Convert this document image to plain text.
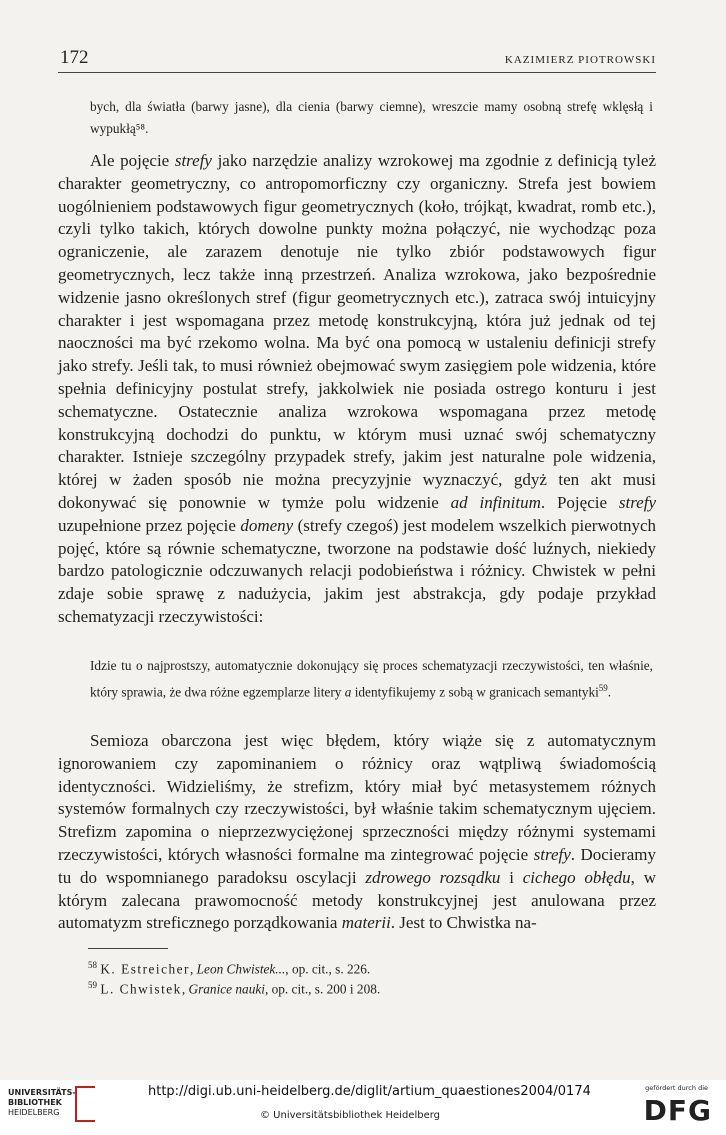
172	KAZIMIERZ PIOTROWSKI

bych, dla światła (barwy jasne), dla cienia (barwy ciemne), wreszcie mamy osobną strefę wklęsłą i wypukłą⁵⁸.

Ale pojęcie strefy jako narzędzie analizy wzrokowej ma zgodnie z definicją tyleż charakter geometryczny, co antropomorficzny czy organiczny. Strefa jest bowiem uogólnieniem podstawowych figur geometrycznych (koło, trójkąt, kwadrat, romb etc.), czyli tylko takich, których dowolne punkty można połączyć, nie wychodząc poza ograniczenie, ale zarazem denotuje nie tylko zbiór podstawowych figur geometrycznych, lecz także inną przestrzeń. Analiza wzrokowa, jako bezpośrednie widzenie jasno określonych stref (figur geometrycznych etc.), zatraca swój intuicyjny charakter i jest wspomagana przez metodę konstrukcyjną, która już jednak od tej naoczności ma być rzekomo wolna. Ma być ona pomocą w ustaleniu definicji strefy jako strefy. Jeśli tak, to musi również obejmować swym zasięgiem pole widzenia, które spełnia definicyjny postulat strefy, jakkolwiek nie posiada ostrego konturu i jest schematyczne. Ostatecznie analiza wzrokowa wspomagana przez metodę konstrukcyjną dochodzi do punktu, w którym musi uznać swój schematyczny charakter. Istnieje szczególny przypadek strefy, jakim jest naturalne pole widzenia, której w żaden sposób nie można precyzyjnie wyznaczyć, gdyż ten akt musi dokonywać się ponownie w tymże polu widzenie ad infinitum. Pojęcie strefy uzupełnione przez pojęcie domeny (strefy czegoś) jest modelem wszelkich pierwotnych pojęć, które są równie schematyczne, tworzone na podstawie dość luźnych, niekiedy bardzo patologicznie odczuwanych relacji podobieństwa i różnicy. Chwistek w pełni zdaje sobie sprawę z nadużycia, jakim jest abstrakcja, gdy podaje przykład schematyzacji rzeczywistości:

Idzie tu o najprostszy, automatycznie dokonujący się proces schematyzacji rzeczywistości, ten właśnie, który sprawia, że dwa różne egzemplarze litery a identyfikujemy z sobą w granicach semantyki$^{59}$.

Semioza obarczona jest więc błędem, który wiąże się z automatycznym ignorowaniem czy zapominaniem o różnicy oraz wątpliwą świadomością identyczności. Widzieliśmy, że strefizm, który miał być metasystemem różnych systemów formalnych czy rzeczywistości, był właśnie takim schematycznym ujęciem. Strefizm zapomina o nieprzezwyciężonej sprzeczności między różnymi systemami rzeczywistości, których własności formalne ma zintegrować pojęcie strefy. Docieramy tu do wspomnianego paradoksu oscylacji zdrowego rozsądku i cichego obłędu, w którym zalecana prawomocność metody konstrukcyjnej jest anulowana przez automatyzm streficznego porządkowania materii. Jest to Chwistka na-

$^{58}$ K. Estreicher, Leon Chwistek..., op. cit., s. 226.
$^{59}$ L. Chwistek, Granice nauki, op. cit., s. 200 i 208.
UNIVERSITÄTS-
BIBLIOTHEK
HEIDELBERG
http://digi.ub.uni-heidelberg.de/diglit/artium_quaestiones2004/0174
© Universitätsbibliothek Heidelberg
gefördert durch die
DFG
